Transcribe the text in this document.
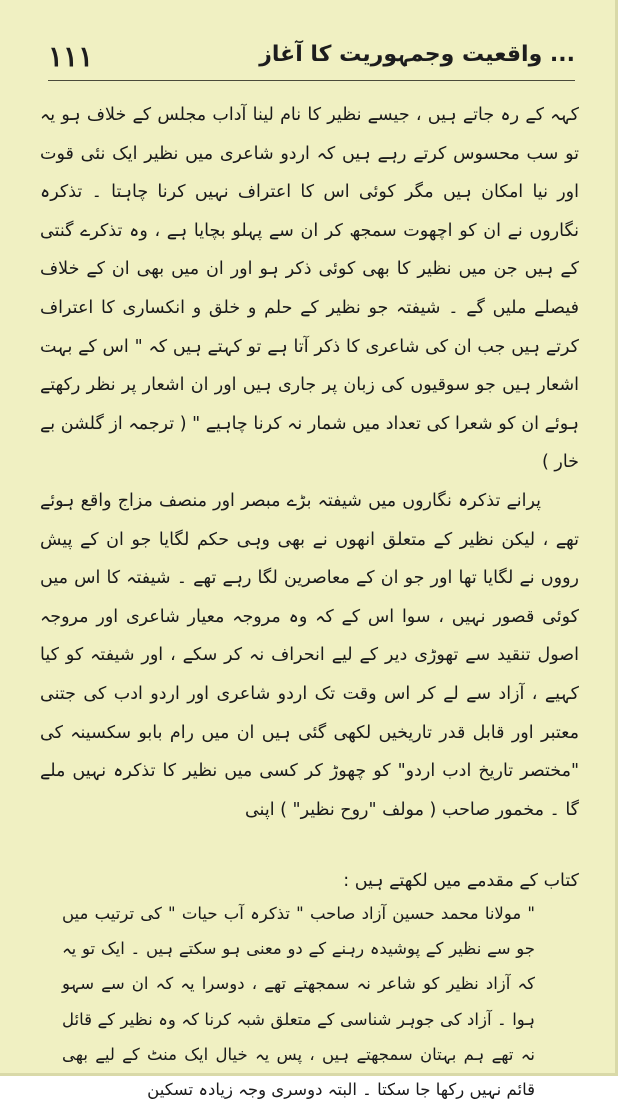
١١١	... واقعیت وجمہوریت کا آغاز

کہہ کے رہ جاتے ہیں ، جیسے نظیر کا نام لینا آداب مجلس کے خلاف ہو یہ تو سب محسوس کرتے رہے ہیں کہ اردو شاعری میں نظیر ایک نئی قوت اور نیا امکان ہیں مگر کوئی اس کا اعتراف نہیں کرنا چاہتا ۔ تذکرہ نگاروں نے ان کو اچھوت سمجھ کر ان سے پہلو بچایا ہے ، وہ تذکرے گنتی کے ہیں جن میں نظیر کا بھی کوئی ذکر ہو اور ان میں بھی ان کے خلاف فیصلے ملیں گے ۔ شیفتہ جو نظیر کے حلم و خلق و انکساری کا اعتراف کرتے ہیں جب ان کی شاعری کا ذکر آتا ہے تو کہتے ہیں کہ " اس کے بہت اشعار ہیں جو سوقیوں کی زبان پر جاری ہیں اور ان اشعار پر نظر رکھتے ہوئے ان کو شعرا کی تعداد میں شمار نہ کرنا چاہیے " ( ترجمہ از گلشن بے خار )

پرانے تذکرہ نگاروں میں شیفتہ بڑے مبصر اور منصف مزاج واقع ہوئے تھے ، لیکن نظیر کے متعلق انھوں نے بھی وہی حکم لگایا جو ان کے پیش رووں نے لگایا تھا اور جو ان کے معاصرین لگا رہے تھے ۔ شیفتہ کا اس میں کوئی قصور نہیں ، سوا اس کے کہ وہ مروجہ معیار شاعری اور مروجہ اصول تنقید سے تھوڑی دیر کے لیے انحراف نہ کر سکے ، اور شیفتہ کو کیا کہیے ، آزاد سے لے کر اس وقت تک اردو شاعری اور اردو ادب کی جتنی معتبر اور قابل قدر تاریخیں لکھی گئی ہیں ان میں رام بابو سکسینہ کی "مختصر تاریخ ادب اردو" کو چھوڑ کر کسی میں نظیر کا تذکرہ نہیں ملے گا ۔ مخمور صاحب ( مولف "روح نظیر" ) اپنی

کتاب کے مقدمے میں لکھتے ہیں :

" مولانا محمد حسین آزاد صاحب " تذکرہ آب حیات " کی ترتیب میں جو سے نظیر کے پوشیدہ رہنے کے دو معنی ہو سکتے ہیں ۔ ایک تو یہ کہ آزاد نظیر کو شاعر نہ سمجھتے تھے ، دوسرا یہ کہ ان سے سہو ہوا ۔ آزاد کی جوہر شناسی کے متعلق شبہ کرنا کہ وہ نظیر کے قائل نہ تھے ہم بہتان سمجھتے ہیں ، پس یہ خیال ایک منٹ کے لیے بھی قائم نہیں رکھا جا سکتا ۔ البتہ دوسری وجہ زیادہ تسکین
